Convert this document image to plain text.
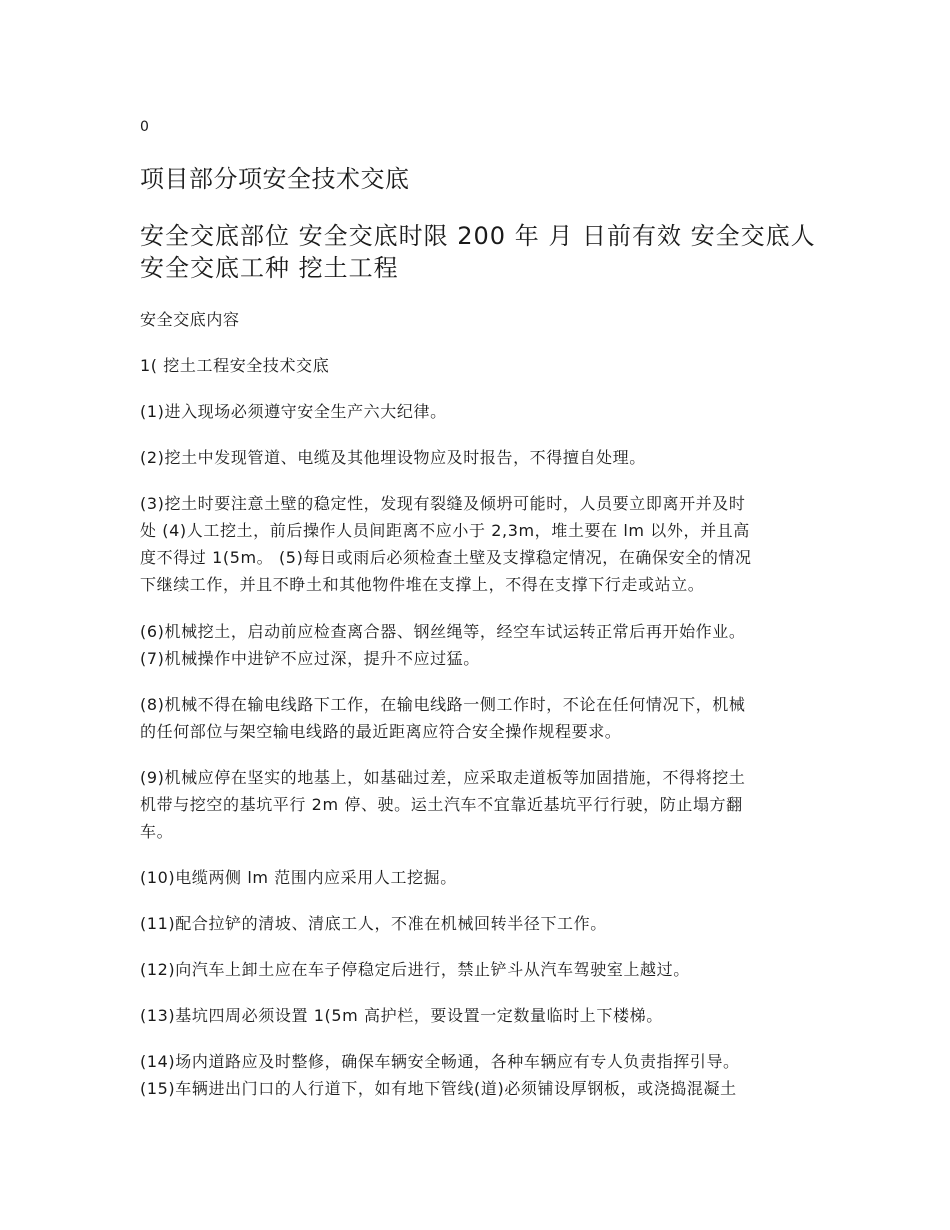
0
项目部分项安全技术交底
安全交底部位 安全交底时限 200 年 月 日前有效 安全交底人
安全交底工种 挖土工程
安全交底内容
1( 挖土工程安全技术交底
(1)进入现场必须遵守安全生产六大纪律。
(2)挖土中发现管道、电缆及其他埋设物应及时报告，不得擅自处理。
(3)挖土时要注意土壁的稳定性，发现有裂缝及倾坍可能时，人员要立即离开并及时
处 (4)人工挖土，前后操作人员间距离不应小于 2,3m，堆土要在 lm 以外，并且高
度不得过 1(5m。 (5)每日或雨后必须检查土壁及支撑稳定情况，在确保安全的情况
下继续工作，并且不睁土和其他物件堆在支撑上，不得在支撑下行走或站立。
(6)机械挖土，启动前应检查离合器、钢丝绳等，经空车试运转正常后再开始作业。
(7)机械操作中进铲不应过深，提升不应过猛。
(8)机械不得在输电线路下工作，在输电线路一侧工作时，不论在任何情况下，机械
的任何部位与架空输电线路的最近距离应符合安全操作规程要求。
(9)机械应停在坚实的地基上，如基础过差，应采取走道板等加固措施，不得将挖土
机带与挖空的基坑平行 2m 停、驶。运土汽车不宜靠近基坑平行行驶，防止塌方翻
车。
(10)电缆两侧 lm 范围内应采用人工挖掘。
(11)配合拉铲的清坡、清底工人，不准在机械回转半径下工作。
(12)向汽车上卸土应在车子停稳定后进行，禁止铲斗从汽车驾驶室上越过。
(13)基坑四周必须设置 1(5m 高护栏，要设置一定数量临时上下楼梯。
(14)场内道路应及时整修，确保车辆安全畅通，各种车辆应有专人负责指挥引导。
(15)车辆进出门口的人行道下，如有地下管线(道)必须铺设厚钢板，或浇捣混凝土
